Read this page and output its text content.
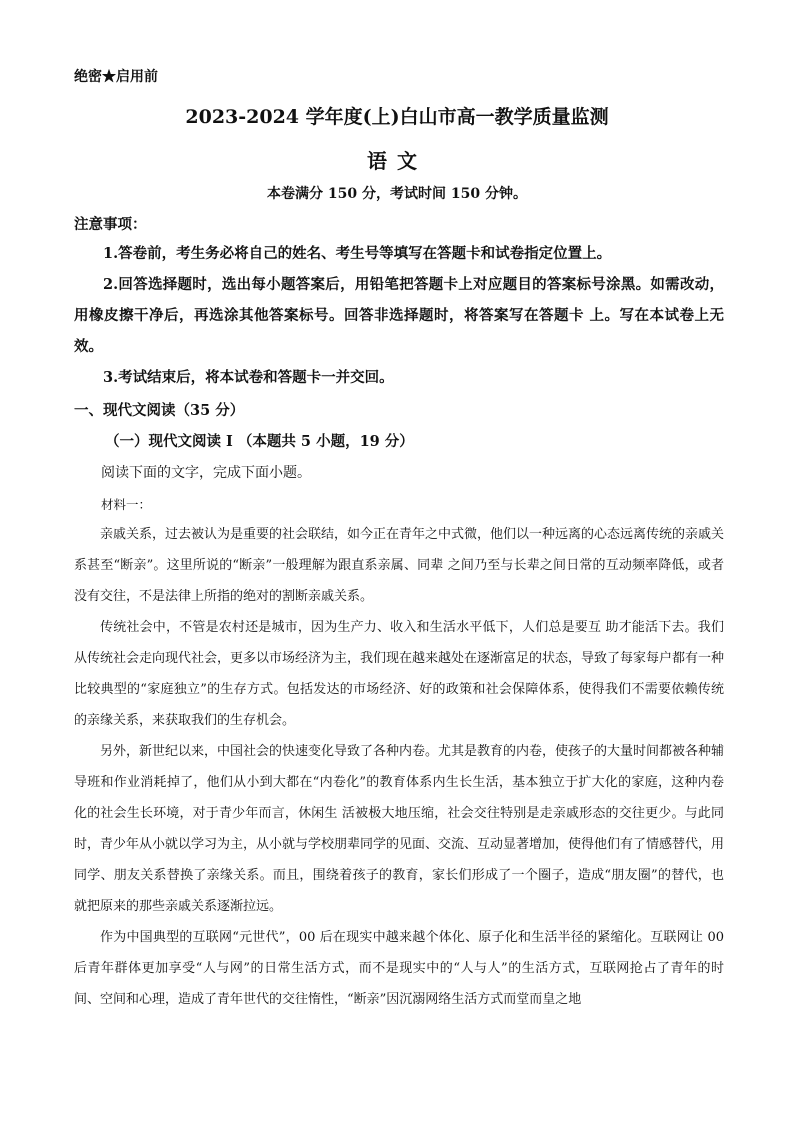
绝密★启用前
2023-2024 学年度(上)白山市高一教学质量监测
语文
本卷满分 150 分，考试时间 150 分钟。
注意事项：
1.答卷前，考生务必将自己的姓名、考生号等填写在答题卡和试卷指定位置上。
2.回答选择题时，选出每小题答案后，用铅笔把答题卡上对应题目的答案标号涂黑。如需改动，用橡皮擦干净后，再选涂其他答案标号。回答非选择题时，将答案写在答题卡 上。写在本试卷上无效。
3.考试结束后，将本试卷和答题卡一并交回。
一、现代文阅读（35 分）
（一）现代文阅读 I （本题共 5 小题，19 分）
阅读下面的文字，完成下面小题。
材料一：
亲戚关系，过去被认为是重要的社会联结，如今正在青年之中式微，他们以一种远离的心态远离传统的亲戚关系甚至“断亲”。这里所说的“断亲”一般理解为跟直系亲属、同辈 之间乃至与长辈之间日常的互动频率降低，或者没有交往，不是法律上所指的绝对的割断亲戚关系。
传统社会中，不管是农村还是城市，因为生产力、收入和生活水平低下，人们总是要互 助才能活下去。我们从传统社会走向现代社会，更多以市场经济为主，我们现在越来越处在逐渐富足的状态，导致了每家每户都有一种比较典型的“家庭独立”的生存方式。包括发达的市场经济、好的政策和社会保障体系，使得我们不需要依赖传统的亲缘关系，来获取我们的生存机会。
另外，新世纪以来，中国社会的快速变化导致了各种内卷。尤其是教育的内卷，使孩子的大量时间都被各种辅导班和作业消耗掉了，他们从小到大都在“内卷化”的教育体系内生长生活，基本独立于扩大化的家庭，这种内卷化的社会生长环境，对于青少年而言，休闲生 活被极大地压缩，社会交往特别是走亲戚形态的交往更少。与此同时，青少年从小就以学习为主，从小就与学校朋辈同学的见面、交流、互动显著增加，使得他们有了情感替代，用同学、朋友关系替换了亲缘关系。而且，围绕着孩子的教育，家长们形成了一个圈子，造成“朋友圈”的替代，也就把原来的那些亲戚关系逐渐拉远。
作为中国典型的互联网“元世代”，00 后在现实中越来越个体化、原子化和生活半径的紧缩化。互联网让 00 后青年群体更加享受“人与网”的日常生活方式，而不是现实中的“人与人”的生活方式，互联网抢占了青年的时间、空间和心理，造成了青年世代的交往惰性，“断亲”因沉溺网络生活方式而堂而皇之地
